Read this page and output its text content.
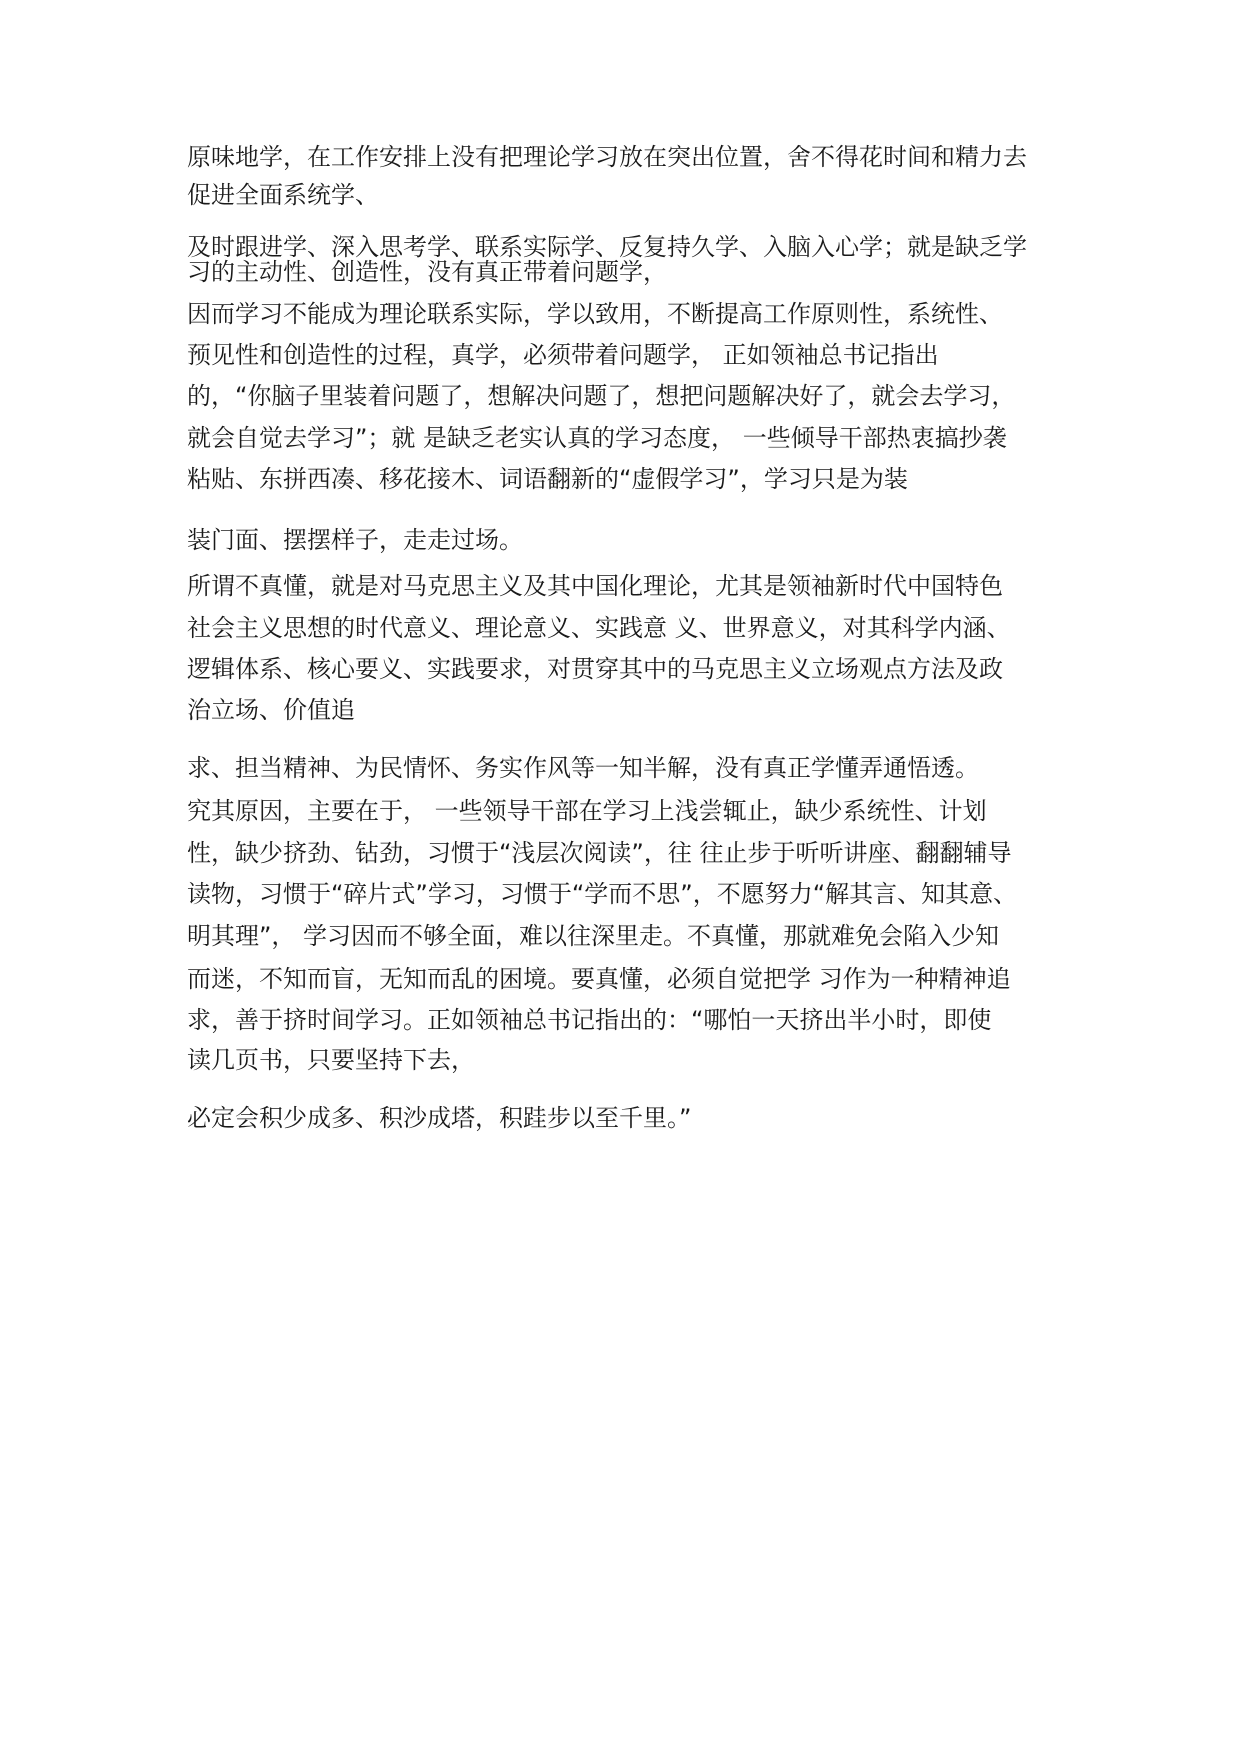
原味地学，在工作安排上没有把理论学习放在突出位置，舍不得花时间和精力去
促进全面系统学、
及时跟进学、深入思考学、联系实际学、反复持久学、入脑入心学；就是缺乏学
习的主动性、创造性，没有真正带着问题学，
因而学习不能成为理论联系实际，学以致用，不断提高工作原则性，系统性、
预见性和创造性的过程，真学，必须带着问题学， 正如领袖总书记指出
的，“你脑子里装着问题了，想解决问题了，想把问题解决好了，就会去学习，
就会自觉去学习”；就 是缺乏老实认真的学习态度， 一些倾导干部热衷搞抄袭
粘贴、东拼西凑、移花接木、词语翻新的“虚假学习”，学习只是为装
装门面、摆摆样子，走走过场。
所谓不真懂，就是对马克思主义及其中国化理论，尤其是领袖新时代中国特色
社会主义思想的时代意义、理论意义、实践意 义、世界意义，对其科学内涵、
逻辑体系、核心要义、实践要求，对贯穿其中的马克思主义立场观点方法及政
治立场、价值追
求、担当精神、为民情怀、务实作风等一知半解，没有真正学懂弄通悟透。
究其原因，主要在于， 一些领导干部在学习上浅尝辄止，缺少系统性、计划
性，缺少挤劲、钻劲，习惯于“浅层次阅读”，往 往止步于听听讲座、翻翻辅导
读物，习惯于“碎片式”学习，习惯于“学而不思”，不愿努力“解其言、知其意、
明其理”， 学习因而不够全面，难以往深里走。不真懂，那就难免会陷入少知
而迷，不知而盲，无知而乱的困境。要真懂，必须自觉把学 习作为一种精神追
求，善于挤时间学习。正如领袖总书记指出的：“哪怕一天挤出半小时，即使
读几页书，只要坚持下去，
必定会积少成多、积沙成塔，积跬步以至千里。”
